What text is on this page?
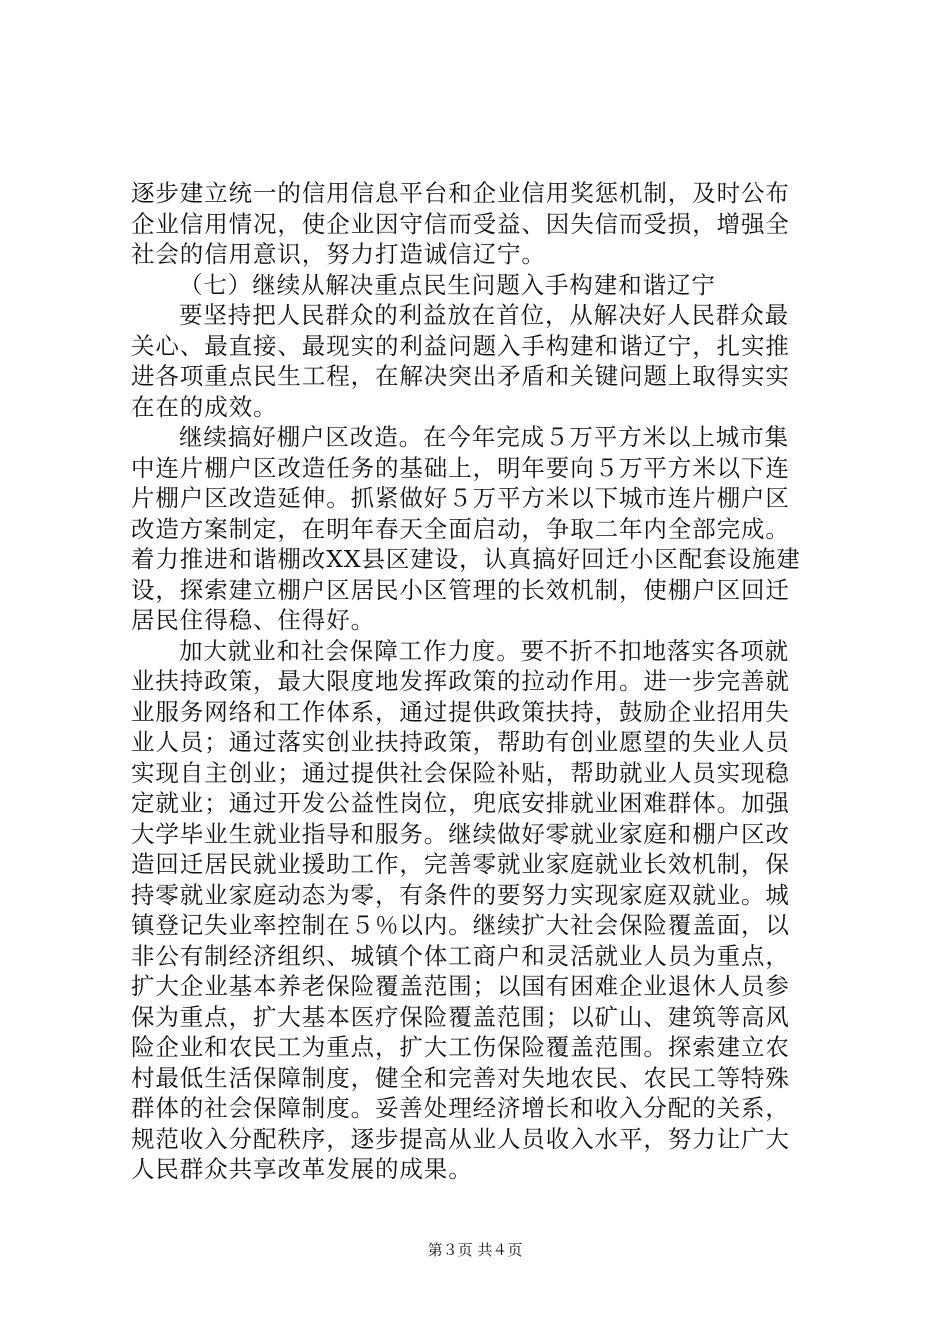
逐步建立统一的信用信息平台和企业信用奖惩机制，及时公布
企业信用情况，使企业因守信而受益、因失信而受损，增强全
社会的信用意识，努力打造诚信辽宁。
（七）继续从解决重点民生问题入手构建和谐辽宁
要坚持把人民群众的利益放在首位，从解决好人民群众最
关心、最直接、最现实的利益问题入手构建和谐辽宁，扎实推
进各项重点民生工程，在解决突出矛盾和关键问题上取得实实
在在的成效。
继续搞好棚户区改造。在今年完成５万平方米以上城市集
中连片棚户区改造任务的基础上，明年要向５万平方米以下连
片棚户区改造延伸。抓紧做好５万平方米以下城市连片棚户区
改造方案制定，在明年春天全面启动，争取二年内全部完成。
着力推进和谐棚改XX县区建设，认真搞好回迁小区配套设施建
设，探索建立棚户区居民小区管理的长效机制，使棚户区回迁
居民住得稳、住得好。
加大就业和社会保障工作力度。要不折不扣地落实各项就
业扶持政策，最大限度地发挥政策的拉动作用。进一步完善就
业服务网络和工作体系，通过提供政策扶持，鼓励企业招用失
业人员；通过落实创业扶持政策，帮助有创业愿望的失业人员
实现自主创业；通过提供社会保险补贴，帮助就业人员实现稳
定就业；通过开发公益性岗位，兜底安排就业困难群体。加强
大学毕业生就业指导和服务。继续做好零就业家庭和棚户区改
造回迁居民就业援助工作，完善零就业家庭就业长效机制，保
持零就业家庭动态为零，有条件的要努力实现家庭双就业。城
镇登记失业率控制在５％以内。继续扩大社会保险覆盖面，以
非公有制经济组织、城镇个体工商户和灵活就业人员为重点，
扩大企业基本养老保险覆盖范围；以国有困难企业退休人员参
保为重点，扩大基本医疗保险覆盖范围；以矿山、建筑等高风
险企业和农民工为重点，扩大工伤保险覆盖范围。探索建立农
村最低生活保障制度，健全和完善对失地农民、农民工等特殊
群体的社会保障制度。妥善处理经济增长和收入分配的关系，
规范收入分配秩序，逐步提高从业人员收入水平，努力让广大
人民群众共享改革发展的成果。
第３页 共４页
